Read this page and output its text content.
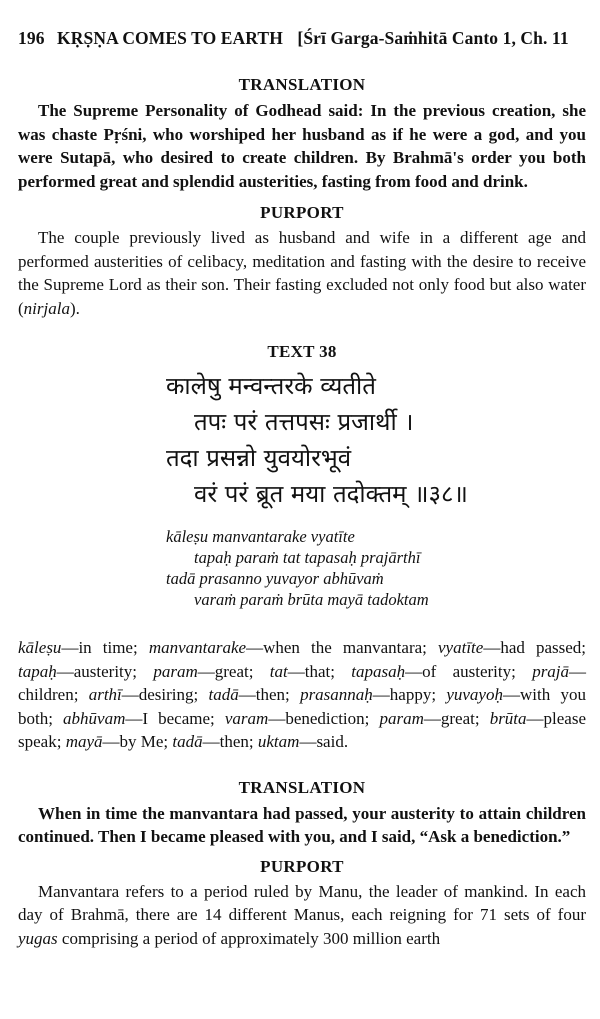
196 KṚṢṆA COMES TO EARTH [Śrī Garga-Saṁhitā Canto 1, Ch. 11
TRANSLATION

The Supreme Personality of Godhead said: In the previous creation, she was chaste Pṛśni, who worshiped her husband as if he were a god, and you were Sutapā, who desired to create children. By Brahmā's order you both performed great and splendid austerities, fasting from food and drink.

PURPORT

The couple previously lived as husband and wife in a different age and performed austerities of celibacy, meditation and fasting with the desire to receive the Supreme Lord as their son. Their fasting excluded not only food but also water (nirjala).

TEXT 38
कालेषु मन्वन्तरके व्यतीते
तपः परं तत्तपसः प्रजार्थी ।
तदा प्रसन्नो युवयोरभूवं
वरं परं ब्रूत मया तदोक्तम् ॥३८॥
kāleṣu manvantarake vyatīte
tapaḥ paraṁ tat tapasaḥ prajārthī
tadā prasanno yuvayor abhūvaṁ
varaṁ paraṁ brūta mayā tadoktam

kāleṣu—in time; manvantarake—when the manvantara; vyatīte—had passed; tapaḥ—austerity; param—great; tat—that; tapasaḥ—of austerity; prajā—children; arthī—desiring; tadā—then; prasannaḥ—happy; yuvayoḥ—with you both; abhūvam—I became; varam—benediction; param—great; brūta—please speak; mayā—by Me; tadā—then; uktam—said.

TRANSLATION

When in time the manvantara had passed, your austerity to attain children continued. Then I became pleased with you, and I said, “Ask a benediction.”

PURPORT

Manvantara refers to a period ruled by Manu, the leader of mankind. In each day of Brahmā, there are 14 different Manus, each reigning for 71 sets of four yugas comprising a period of approximately 300 million earth
